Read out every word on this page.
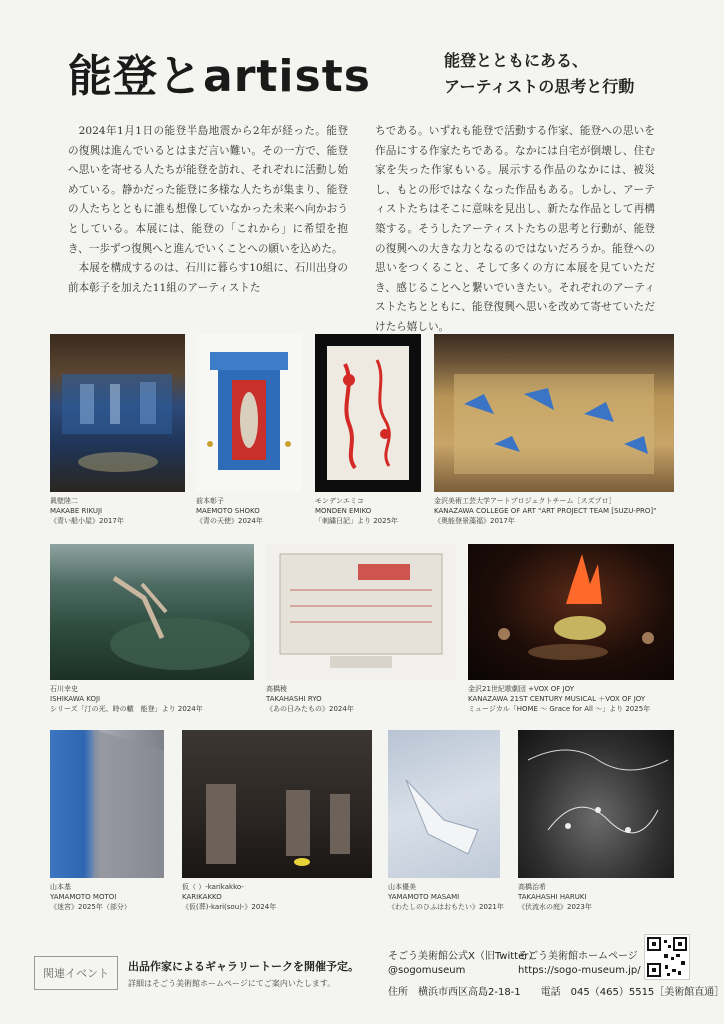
能登とartists	能登とともにある、
アーティストの思考と行動

2024年1月1日の能登半島地震から2年が経った。能登の復興は進んでいるとはまだ言い難い。その一方で、能登へ思いを寄せる人たちが能登を訪れ、それぞれに活動し始めている。静かだった能登に多様な人たちが集まり、能登の人たちとともに誰も想像していなかった未来へ向かおうとしている。本展には、能登の「これから」に希望を抱き、一歩ずつ復興へと進んでいくことへの願いを込めた。

本展を構成するのは、石川に暮らす10組に、石川出身の前本彰子を加えた11組のアーティストた

ちである。いずれも能登で活動する作家、能登への思いを作品にする作家たちである。なかには自宅が倒壊し、住む家を失った作家もいる。展示する作品のなかには、被災し、もとの形ではなくなった作品もある。しかし、アーティストたちはそこに意味を見出し、新たな作品として再構築する。そうしたアーティストたちの思考と行動が、能登の復興への大きな力となるのではないだろうか。能登への思いをつくること、そして多くの方に本展を見ていただき、感じることへと繋いでいきたい。それぞれのアーティストたちとともに、能登復興へ思いを改めて寄せていただけたら嬉しい。

眞壁陸二
MAKABE RIKUJI
《青い船小屋》2017年
前本彰子
MAEMOTO SHOKO
《青の天使》2024年
モンデンエミコ
MONDEN EMIKO
「刺繍日記」より 2025年
金沢美術工芸大学アートプロジェクトチーム［スズプロ］
KANAZAWA COLLEGE OF ART "ART PROJECT TEAM [SUZU-PRO]"
《奥能登景藻福》2017年
石川幸史
ISHIKAWA KOJI
シリーズ「汀の光、時の轍　能登」より 2024年
高橋稜
TAKAHASHI RYO
《あの日みたもの》2024年
金沢21世紀歌劇団 +VOX OF JOY
KANAZAWA 21ST CENTURY MUSICAL ＋VOX OF JOY
ミュージカル「HOME ～ Grace for All ～」より 2025年
山本基
YAMAMOTO MOTOI
《迷宮》2025年（部分）
仮（ ）-karikakko-
KARIKAKKO
《仮(葬)-kari(sou)-》2024年
山本優美
YAMAMOTO MASAMI
《わたしのひふはおもたい》2021年
高橋治希
TAKAHASHI HARUKI
《伏流水の庭》2023年
関連イベント
出品作家によるギャラリートークを開催予定。
詳細はそごう美術館ホームページにてご案内いたします。
そごう美術館公式X（旧Twitter）
@sogomuseum
そごう美術館ホームページ
https://sogo-museum.jp/
住所　横浜市西区高島2-18-1　　電話　045（465）5515［美術館直通］
